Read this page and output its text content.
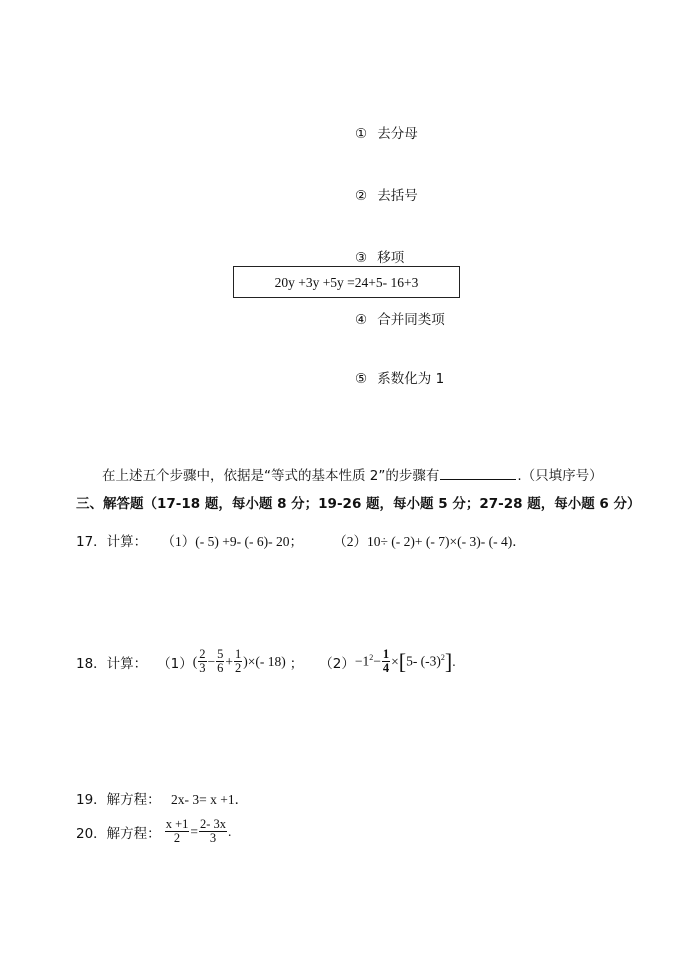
① 去分母
② 去括号
③ 移项
20y +3y +5y =24+5- 16+3
④ 合并同类项
⑤ 系数化为 1
在上述五个步骤中，依据是“等式的基本性质 2”的步骤有	.（只填序号）
三、解答题（17-18 题，每小题 8 分；19-26 题，每小题 5 分；27-28 题，每小题 6 分）
17．计算： （1）(- 5) +9- (- 6)- 20； （2）10÷ (- 2)+ (- 7)×(- 3)- (- 4)．
18．计算： （1） ( $\frac{2}{3} - \frac{5}{6} + \frac{1}{2}$ ) ×(- 18) ； $(2) -1^2- \frac{1}{4}$ × [ 5- $(-3)^2$ ] .
19．解方程： 2x- 3= x +1．
20．解方程： $\frac{x +1}{2} = \frac{2- 3x}{3}$ .
